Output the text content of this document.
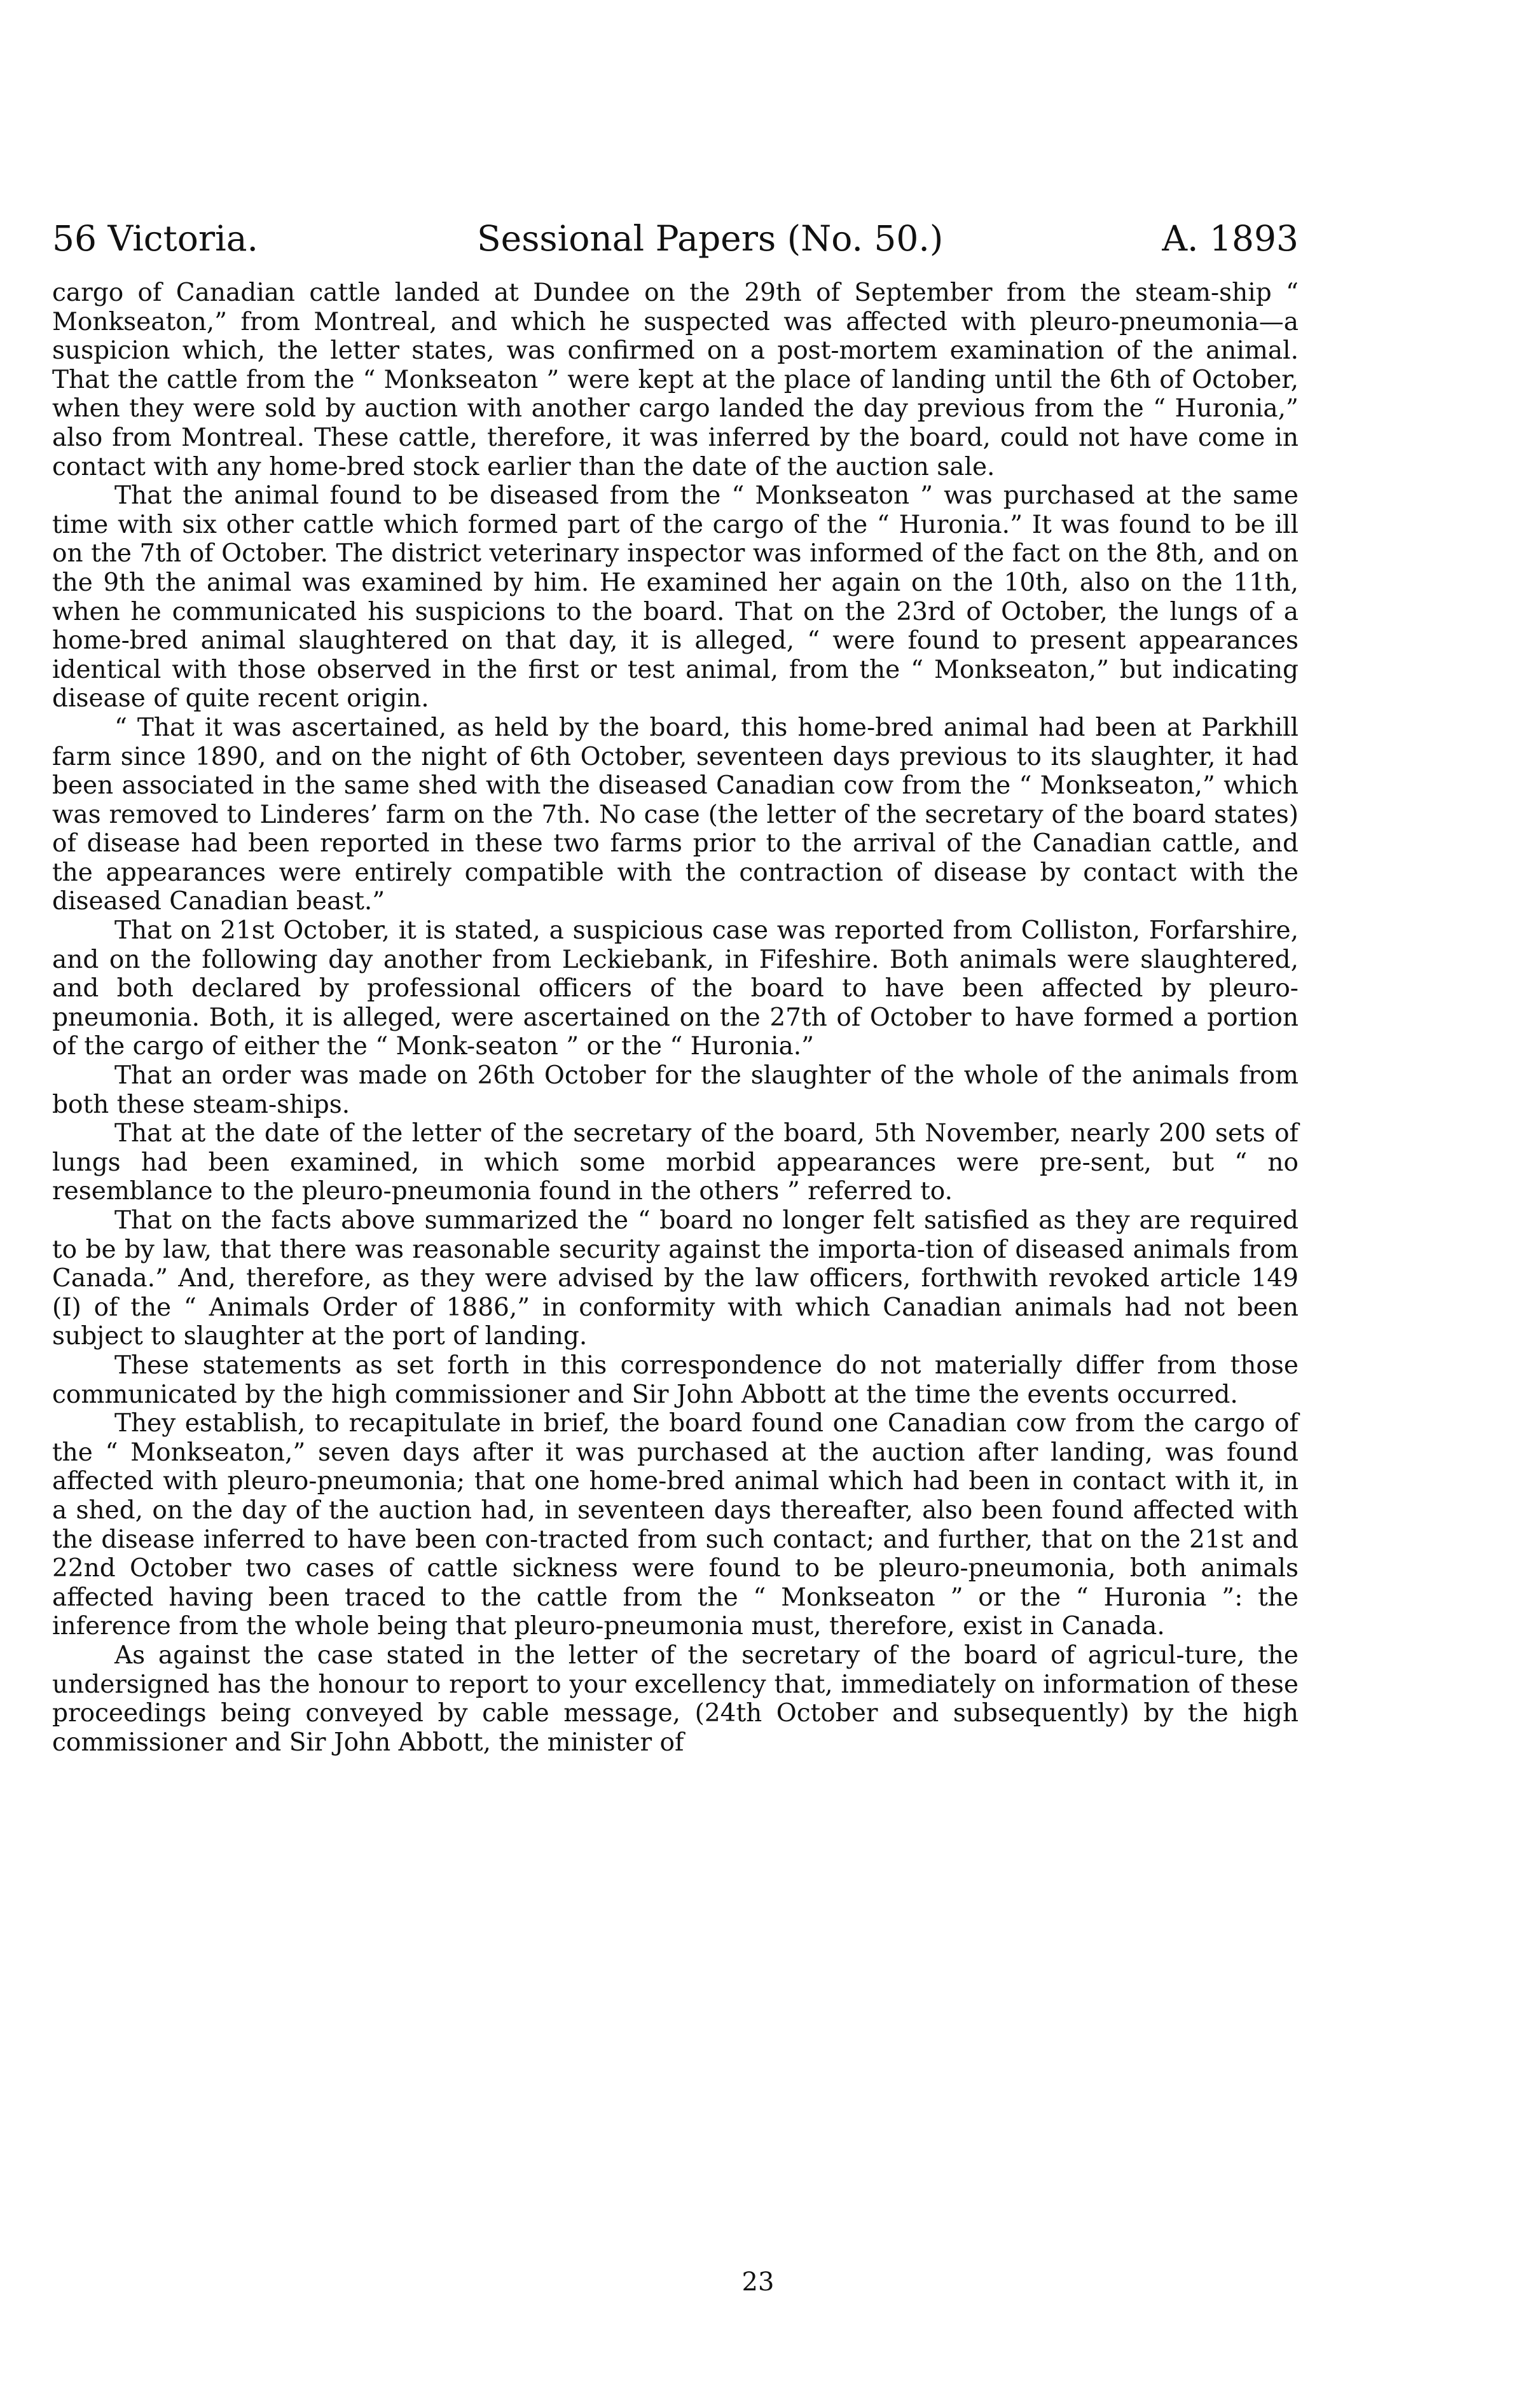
56 Victoria.	Sessional Papers (No. 50.)	A. 1893

cargo of Canadian cattle landed at Dundee on the 29th of September from the steam-ship “ Monkseaton,” from Montreal, and which he suspected was affected with pleuro-pneumonia—a suspicion which, the letter states, was confirmed on a post-mortem examination of the animal. That the cattle from the “ Monkseaton ” were kept at the place of landing until the 6th of October, when they were sold by auction with another cargo landed the day previous from the “ Huronia,” also from Montreal. These cattle, therefore, it was inferred by the board, could not have come in contact with any home-bred stock earlier than the date of the auction sale.

That the animal found to be diseased from the “ Monkseaton ” was purchased at the same time with six other cattle which formed part of the cargo of the “ Huronia.” It was found to be ill on the 7th of October. The district veterinary inspector was informed of the fact on the 8th, and on the 9th the animal was examined by him. He examined her again on the 10th, also on the 11th, when he communicated his suspicions to the board. That on the 23rd of October, the lungs of a home-bred animal slaughtered on that day, it is alleged, “ were found to present appearances identical with those observed in the first or test animal, from the “ Monkseaton,” but indicating disease of quite recent origin.

“ That it was ascertained, as held by the board, this home-bred animal had been at Parkhill farm since 1890, and on the night of 6th October, seventeen days previous to its slaughter, it had been associated in the same shed with the diseased Canadian cow from the “ Monkseaton,” which was removed to Linderes’ farm on the 7th. No case (the letter of the secretary of the board states) of disease had been reported in these two farms prior to the arrival of the Canadian cattle, and the appearances were entirely compatible with the contraction of disease by contact with the diseased Canadian beast.”

That on 21st October, it is stated, a suspicious case was reported from Colliston, Forfarshire, and on the following day another from Leckiebank, in Fifeshire. Both animals were slaughtered, and both declared by professional officers of the board to have been affected by pleuro-pneumonia. Both, it is alleged, were ascertained on the 27th of October to have formed a portion of the cargo of either the “ Monk-seaton ” or the “ Huronia.”

That an order was made on 26th October for the slaughter of the whole of the animals from both these steam-ships.

That at the date of the letter of the secretary of the board, 5th November, nearly 200 sets of lungs had been examined, in which some morbid appearances were pre-sent, but “ no resemblance to the pleuro-pneumonia found in the others ” referred to.

That on the facts above summarized the “ board no longer felt satisfied as they are required to be by law, that there was reasonable security against the importa-tion of diseased animals from Canada.” And, therefore, as they were advised by the law officers, forthwith revoked article 149 (I) of the “ Animals Order of 1886,” in conformity with which Canadian animals had not been subject to slaughter at the port of landing.

These statements as set forth in this correspondence do not materially differ from those communicated by the high commissioner and Sir John Abbott at the time the events occurred.

They establish, to recapitulate in brief, the board found one Canadian cow from the cargo of the “ Monkseaton,” seven days after it was purchased at the auction after landing, was found affected with pleuro-pneumonia; that one home-bred animal which had been in contact with it, in a shed, on the day of the auction had, in seventeen days thereafter, also been found affected with the disease inferred to have been con-tracted from such contact; and further, that on the 21st and 22nd October two cases of cattle sickness were found to be pleuro-pneumonia, both animals affected having been traced to the cattle from the “ Monkseaton ” or the “ Huronia ”: the inference from the whole being that pleuro-pneumonia must, therefore, exist in Canada.

As against the case stated in the letter of the secretary of the board of agricul-ture, the undersigned has the honour to report to your excellency that, immediately on information of these proceedings being conveyed by cable message, (24th October and subsequently) by the high commissioner and Sir John Abbott, the minister of

23
